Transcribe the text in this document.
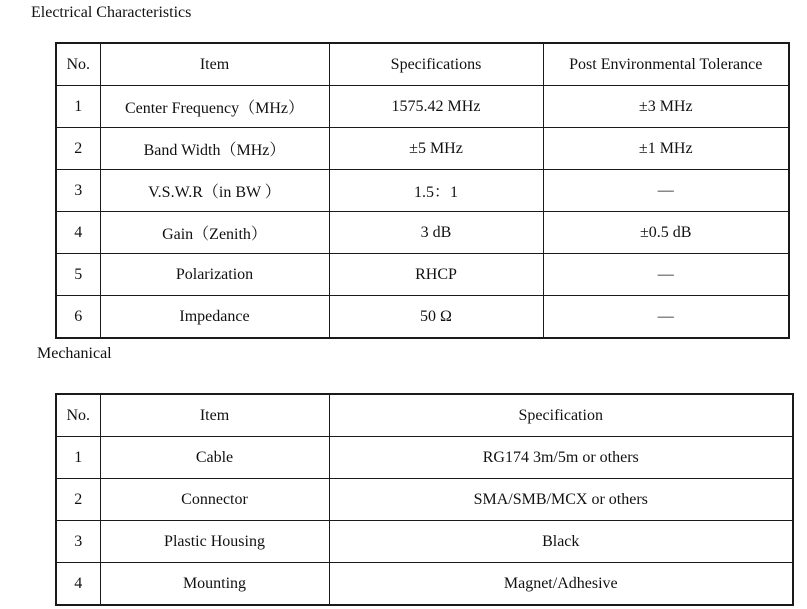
Electrical Characteristics
No.	Item	Specifications	Post Environmental Tolerance
1	Center Frequency（MHz）	1575.42 MHz	±3 MHz
2	Band Width（MHz）	±5 MHz	±1 MHz
3	V.S.W.R（in BW ）	1.5：1	—
4	Gain（Zenith）	3 dB	±0.5 dB
5	Polarization	RHCP	—
6	Impedance	50 Ω	—
Mechanical
No.	Item	Specification
1	Cable	RG174 3m/5m or others
2	Connector	SMA/SMB/MCX or others
3	Plastic Housing	Black
4	Mounting	Magnet/Adhesive
